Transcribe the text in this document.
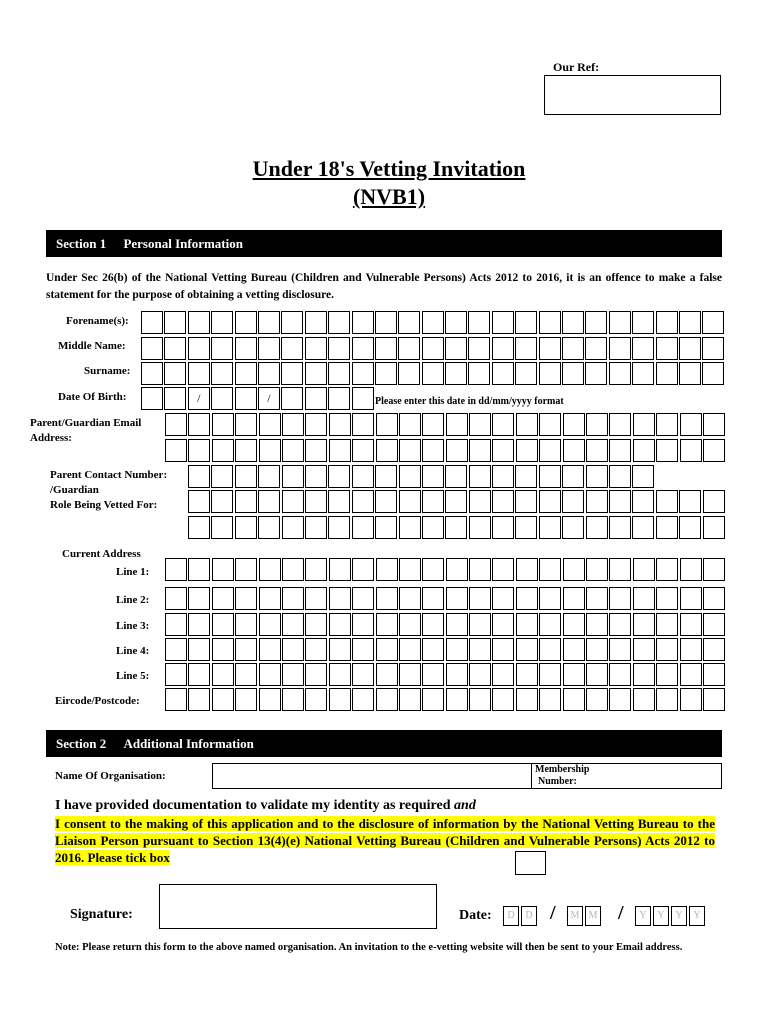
Our Ref:
Under 18's Vetting Invitation
(NVB1)
Section 1 Personal Information
Under Sec 26(b) of the National Vetting Bureau (Children and Vulnerable Persons) Acts 2012 to 2016, it is an offence to make a false statement for the purpose of obtaining a vetting disclosure.
Forename(s):
Middle Name:
Surname:
Date Of Birth:	/	/	Please enter this date in dd/mm/yyyy format
Parent/Guardian Email
Address:
Parent Contact Number:
/Guardian
Role Being Vetted For:
Current Address
Line 1:
Line 2:
Line 3:
Line 4:
Line 5:
Eircode/Postcode:
Section 2 Additional Information
Name Of Organisation:
Membership
Number:
I have provided documentation to validate my identity as required and
I consent to the making of this application and to the disclosure of information by the National Vetting Bureau to the Liaison Person pursuant to Section 13(4)(e) National Vetting Bureau (Children and Vulnerable Persons) Acts 2012 to 2016. Please tick box
Signature:	Date:	D	D /	M M /	Y	Y	Y	Y
Note: Please return this form to the above named organisation. An invitation to the e-vetting website will then be sent to your Email address.
